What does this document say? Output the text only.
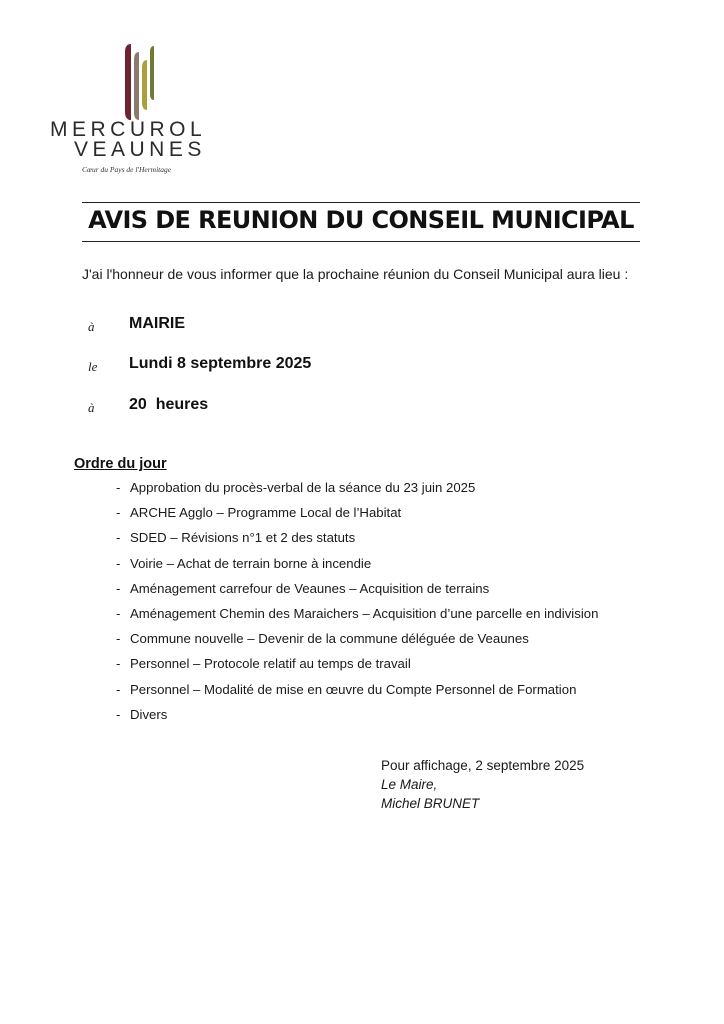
MERCUROL
VEAUNES
Cœur du Pays de l'Hermitage
AVIS DE REUNION DU CONSEIL MUNICIPAL
J'ai l'honneur de vous informer que la prochaine réunion du Conseil Municipal aura lieu :
à MAIRIE
le Lundi 8 septembre 2025
à 20  heures
Ordre du jour
- Approbation du procès-verbal de la séance du 23 juin 2025
- ARCHE Agglo – Programme Local de l’Habitat
- SDED – Révisions n°1 et 2 des statuts
- Voirie – Achat de terrain borne à incendie
- Aménagement carrefour de Veaunes – Acquisition de terrains
- Aménagement Chemin des Maraichers – Acquisition d’une parcelle en indivision
- Commune nouvelle – Devenir de la commune déléguée de Veaunes
- Personnel – Protocole relatif au temps de travail
- Personnel – Modalité de mise en œuvre du Compte Personnel de Formation
- Divers
Pour affichage, 2 septembre 2025
Le Maire,
Michel BRUNET
